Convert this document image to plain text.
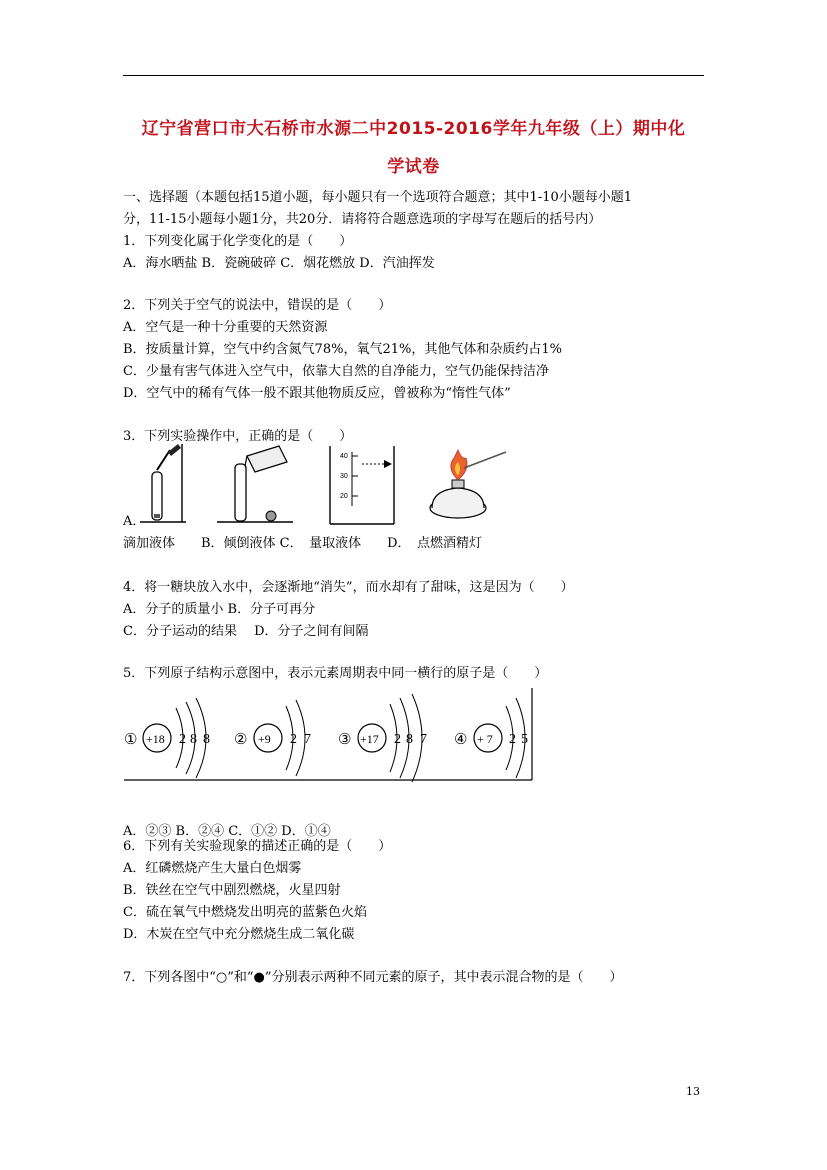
辽宁省营口市大石桥市水源二中2015-2016学年九年级（上）期中化
学试卷
一、选择题（本题包括15道小题，每小题只有一个选项符合题意；其中1-10小题每小题1
分，11-15小题每小题1分，共20分．请将符合题意选项的字母写在题后的括号内）
1．下列变化属于化学变化的是（　　）
A．海水晒盐 B．瓷碗破碎 C．烟花燃放 D．汽油挥发
2．下列关于空气的说法中，错误的是（　　）
A．空气是一种十分重要的天然资源
B．按质量计算，空气中约含氮气78%，氧气21%，其他气体和杂质约占1%
C．少量有害气体进入空气中，依靠大自然的自净能力，空气仍能保持洁净
D．空气中的稀有气体一般不跟其他物质反应，曾被称为“惰性气体”
3．下列实验操作中，正确的是（　　）
40
30
20
A．
滴加液体　　B．倾倒液体 C．　量取液体　　D．　点燃酒精灯
4．将一糖块放入水中，会逐渐地“消失”，而水却有了甜味，这是因为（　　）
A．分子的质量小 B．分子可再分
C．分子运动的结果　 D．分子之间有间隔
5．下列原子结构示意图中，表示元素周期表中同一横行的原子是（　　）
① +18 2 8 8 ② +9 2 7 ③ +17 2 8 7 ④ + 7 2 5
A．②③ B．②④ C．①② D．①④
6．下列有关实验现象的描述正确的是（　　）
A．红磷燃烧产生大量白色烟雾
B．铁丝在空气中剧烈燃烧，火星四射
C．硫在氧气中燃烧发出明亮的蓝紫色火焰
D．木炭在空气中充分燃烧生成二氧化碳
7．下列各图中“○”和“●”分别表示两种不同元素的原子，其中表示混合物的是（　　）
13
